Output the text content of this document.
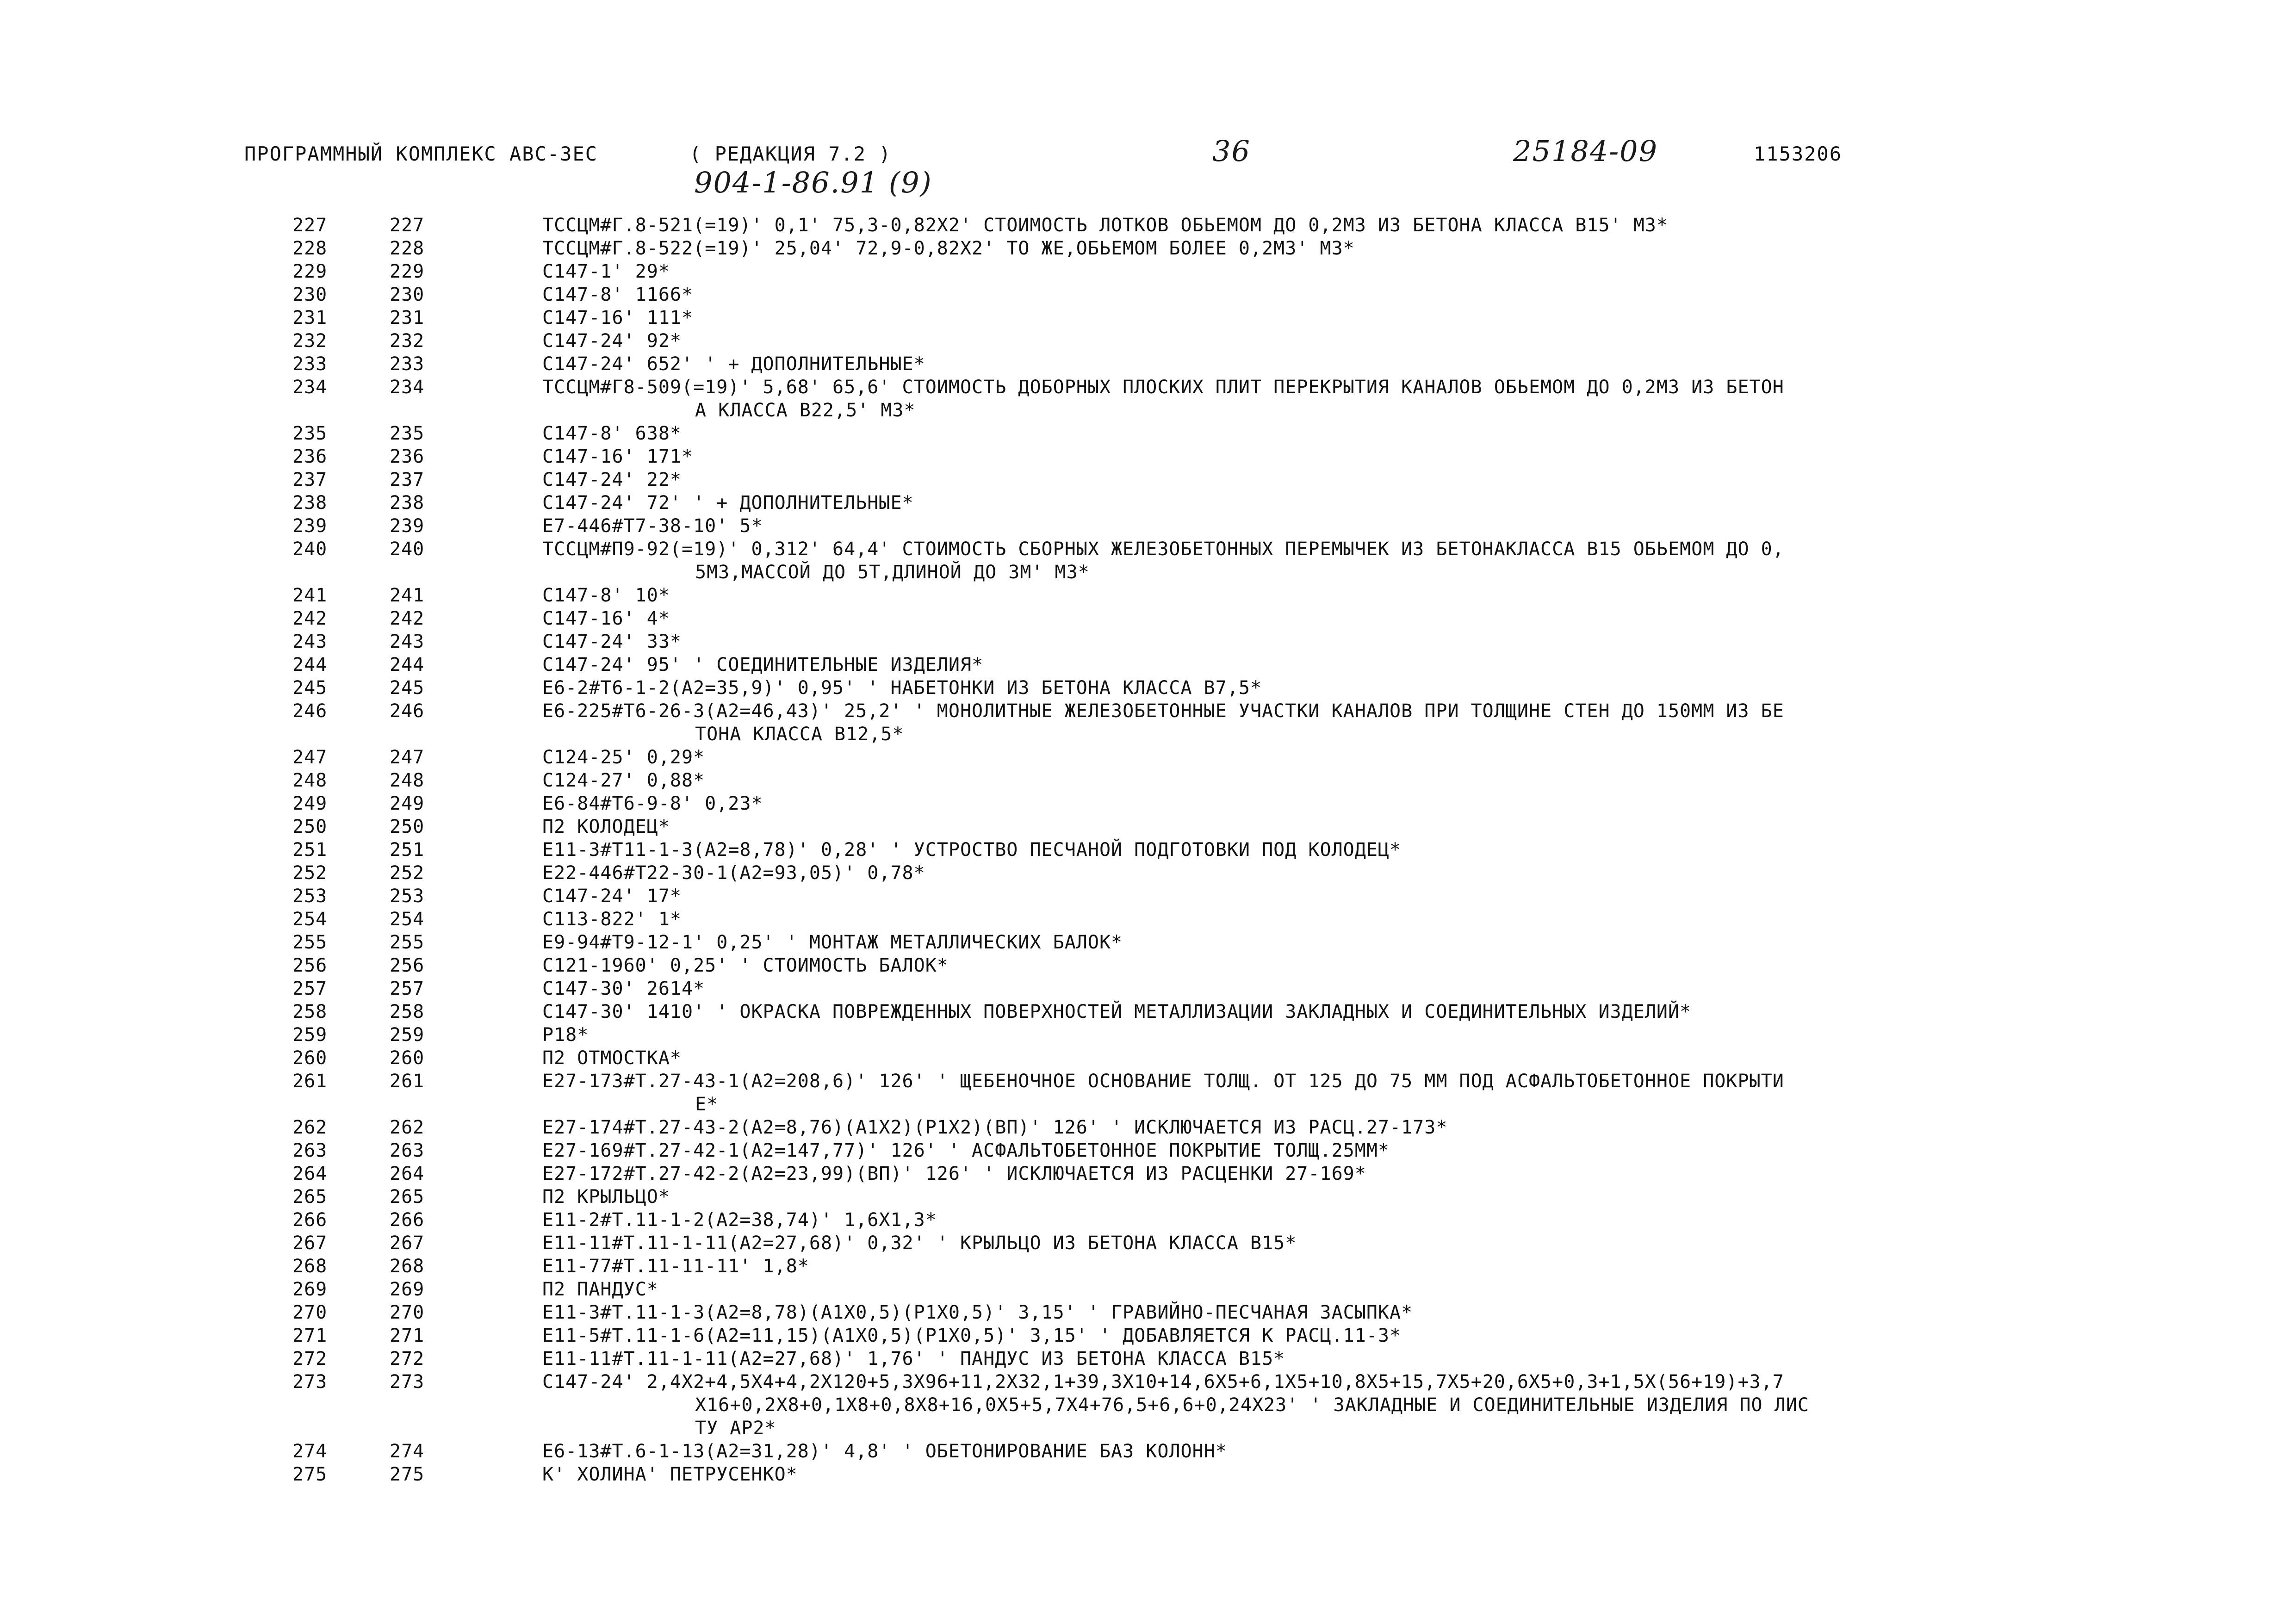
ПРОГРАММНЫЙ КОМПЛЕКС АВС-3ЕС	( РЕДАКЦИЯ 7.2 )	36	25184-09	1153206
904-1-86.91 (9)
227	227	ТССЦМ#Г.8-521(=19)' 0,1' 75,3-0,82Х2' СТОИМОСТЬ ЛОТКОВ ОБЬЕМОМ ДО 0,2М3 ИЗ БЕТОНА КЛАССА В15' М3*
228	228	ТССЦМ#Г.8-522(=19)' 25,04' 72,9-0,82Х2' ТО ЖЕ,ОБЬЕМОМ БОЛЕЕ 0,2М3' М3*
229	229	С147-1' 29*
230	230	С147-8' 1166*
231	231	С147-16' 111*
232	232	С147-24' 92*
233	233	С147-24' 652' ' + ДОПОЛНИТЕЛЬНЫЕ*
234	234	ТССЦМ#Г8-509(=19)' 5,68' 65,6' СТОИМОСТЬ ДОБОРНЫХ ПЛОСКИХ ПЛИТ ПЕРЕКРЫТИЯ КАНАЛОВ ОБЬЕМОМ ДО 0,2М3 ИЗ БЕТОН
А КЛАССА В22,5' М3*
235	235	С147-8' 638*
236	236	С147-16' 171*
237	237	С147-24' 22*
238	238	С147-24' 72' ' + ДОПОЛНИТЕЛЬНЫЕ*
239	239	Е7-446#Т7-38-10' 5*
240	240	ТССЦМ#П9-92(=19)' 0,312' 64,4' СТОИМОСТЬ СБОРНЫХ ЖЕЛЕЗОБЕТОННЫХ ПЕРЕМЫЧЕК ИЗ БЕТОНАКЛАССА В15 ОБЬЕМОМ ДО 0,
5М3,МАССОЙ ДО 5Т,ДЛИНОЙ ДО 3М' М3*
241	241	С147-8' 10*
242	242	С147-16' 4*
243	243	С147-24' 33*
244	244	С147-24' 95' ' СОЕДИНИТЕЛЬНЫЕ ИЗДЕЛИЯ*
245	245	Е6-2#Т6-1-2(А2=35,9)' 0,95' ' НАБЕТОНКИ ИЗ БЕТОНА КЛАССА В7,5*
246	246	Е6-225#Т6-26-3(А2=46,43)' 25,2' ' МОНОЛИТНЫЕ ЖЕЛЕЗОБЕТОННЫЕ УЧАСТКИ КАНАЛОВ ПРИ ТОЛЩИНЕ СТЕН ДО 150ММ ИЗ БЕ
ТОНА КЛАССА В12,5*
247	247	С124-25' 0,29*
248	248	С124-27' 0,88*
249	249	Е6-84#Т6-9-8' 0,23*
250	250	П2 КОЛОДЕЦ*
251	251	Е11-3#Т11-1-3(А2=8,78)' 0,28' ' УСТРОСТВО ПЕСЧАНОЙ ПОДГОТОВКИ ПОД КОЛОДЕЦ*
252	252	Е22-446#Т22-30-1(А2=93,05)' 0,78*
253	253	С147-24' 17*
254	254	С113-822' 1*
255	255	Е9-94#Т9-12-1' 0,25' ' МОНТАЖ МЕТАЛЛИЧЕСКИХ БАЛОК*
256	256	С121-1960' 0,25' ' СТОИМОСТЬ БАЛОК*
257	257	С147-30' 2614*
258	258	С147-30' 1410' ' ОКРАСКА ПОВРЕЖДЕННЫХ ПОВЕРХНОСТЕЙ МЕТАЛЛИЗАЦИИ ЗАКЛАДНЫХ И СОЕДИНИТЕЛЬНЫХ ИЗДЕЛИЙ*
259	259	Р18*
260	260	П2 ОТМОСТКА*
261	261	Е27-173#Т.27-43-1(А2=208,6)' 126' ' ЩЕБЕНОЧНОЕ ОСНОВАНИЕ ТОЛЩ. ОТ 125 ДО 75 ММ ПОД АСФАЛЬТОБЕТОННОЕ ПОКРЫТИ
Е*
262	262	Е27-174#Т.27-43-2(А2=8,76)(А1Х2)(Р1Х2)(ВП)' 126' ' ИСКЛЮЧАЕТСЯ ИЗ РАСЦ.27-173*
263	263	Е27-169#Т.27-42-1(А2=147,77)' 126' ' АСФАЛЬТОБЕТОННОЕ ПОКРЫТИЕ ТОЛЩ.25ММ*
264	264	Е27-172#Т.27-42-2(А2=23,99)(ВП)' 126' ' ИСКЛЮЧАЕТСЯ ИЗ РАСЦЕНКИ 27-169*
265	265	П2 КРЫЛЬЦО*
266	266	Е11-2#Т.11-1-2(А2=38,74)' 1,6Х1,3*
267	267	Е11-11#Т.11-1-11(А2=27,68)' 0,32' ' КРЫЛЬЦО ИЗ БЕТОНА КЛАССА В15*
268	268	Е11-77#Т.11-11-11' 1,8*
269	269	П2 ПАНДУС*
270	270	Е11-3#Т.11-1-3(А2=8,78)(А1Х0,5)(Р1Х0,5)' 3,15' ' ГРАВИЙНО-ПЕСЧАНАЯ ЗАСЫПКА*
271	271	Е11-5#Т.11-1-6(А2=11,15)(А1Х0,5)(Р1Х0,5)' 3,15' ' ДОБАВЛЯЕТСЯ К РАСЦ.11-3*
272	272	Е11-11#Т.11-1-11(А2=27,68)' 1,76' ' ПАНДУС ИЗ БЕТОНА КЛАССА В15*
273	273	С147-24' 2,4Х2+4,5Х4+4,2Х120+5,3Х96+11,2Х32,1+39,3Х10+14,6Х5+6,1Х5+10,8Х5+15,7Х5+20,6Х5+0,3+1,5Х(56+19)+3,7
Х16+0,2Х8+0,1Х8+0,8Х8+16,0Х5+5,7Х4+76,5+6,6+0,24Х23' ' ЗАКЛАДНЫЕ И СОЕДИНИТЕЛЬНЫЕ ИЗДЕЛИЯ ПО ЛИС
ТУ АР2*
274	274	Е6-13#Т.6-1-13(А2=31,28)' 4,8' ' ОБЕТОНИРОВАНИЕ БАЗ КОЛОНН*
275	275	К' ХОЛИНА' ПЕТРУСЕНКО*
